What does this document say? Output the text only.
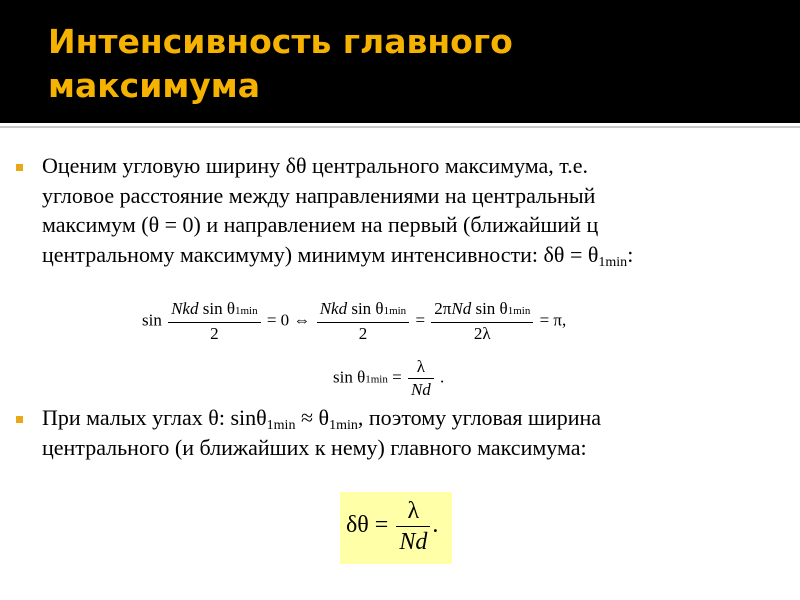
Интенсивность главного
максимума
Оценим угловую ширину δθ центрального максимума, т.е.
угловое расстояние между направлениями на центральный
максимум (θ = 0) и направлением на первый (ближайший ц
центральному максимуму) минимум интенсивности: $\delta\theta = \theta_{1min}$:
$\sin \frac{\text{Nkd sin θ1min}}{2} = 0$ ⇔ $\frac{\text{Nkd sin θ1min}}{2} = \frac{\text{2πNd sin θ1min}}{2\lambda} = \pi$,
$\sin \theta 1\min = \frac{\lambda}{Nd}$ .
При малых углах θ: $\sin\theta_{1min} \approx \theta_{1min}$, поэтому угловая ширина
центрального (и ближайших к нему) главного максимума:
$\delta\theta = \frac{\lambda}{Nd}$ .
